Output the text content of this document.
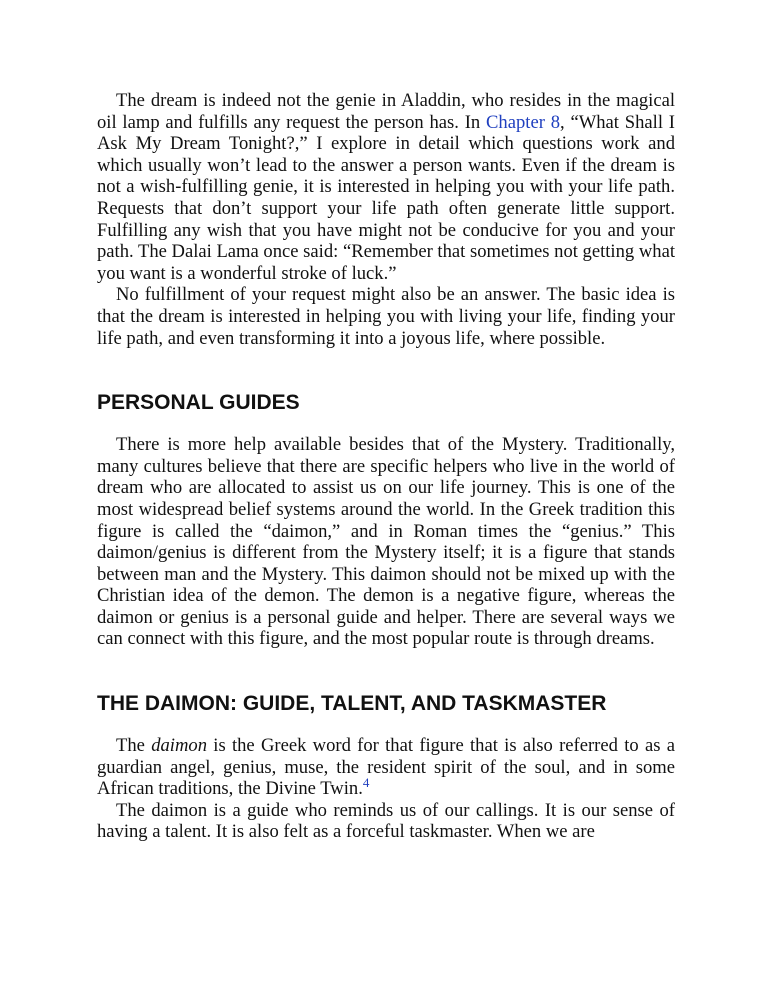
The dream is indeed not the genie in Aladdin, who resides in the magical oil lamp and fulfills any request the person has. In Chapter 8, “What Shall I Ask My Dream Tonight?,” I explore in detail which questions work and which usually won’t lead to the answer a person wants. Even if the dream is not a wish-fulfilling genie, it is interested in helping you with your life path. Requests that don’t support your life path often generate little support. Fulfilling any wish that you have might not be conducive for you and your path. The Dalai Lama once said: “Remember that sometimes not getting what you want is a wonderful stroke of luck.”

No fulfillment of your request might also be an answer. The basic idea is that the dream is interested in helping you with living your life, finding your life path, and even transforming it into a joyous life, where possible.

PERSONAL GUIDES

There is more help available besides that of the Mystery. Traditionally, many cultures believe that there are specific helpers who live in the world of dream who are allocated to assist us on our life journey. This is one of the most widespread belief systems around the world. In the Greek tradition this figure is called the “daimon,” and in Roman times the “genius.” This daimon/genius is different from the Mystery itself; it is a figure that stands between man and the Mystery. This daimon should not be mixed up with the Christian idea of the demon. The demon is a negative figure, whereas the daimon or genius is a personal guide and helper. There are several ways we can connect with this figure, and the most popular route is through dreams.

THE DAIMON: GUIDE, TALENT, AND TASKMASTER

The daimon is the Greek word for that figure that is also referred to as a guardian angel, genius, muse, the resident spirit of the soul, and in some African traditions, the Divine Twin.$^4$

The daimon is a guide who reminds us of our callings. It is our sense of having a talent. It is also felt as a forceful taskmaster. When we are
